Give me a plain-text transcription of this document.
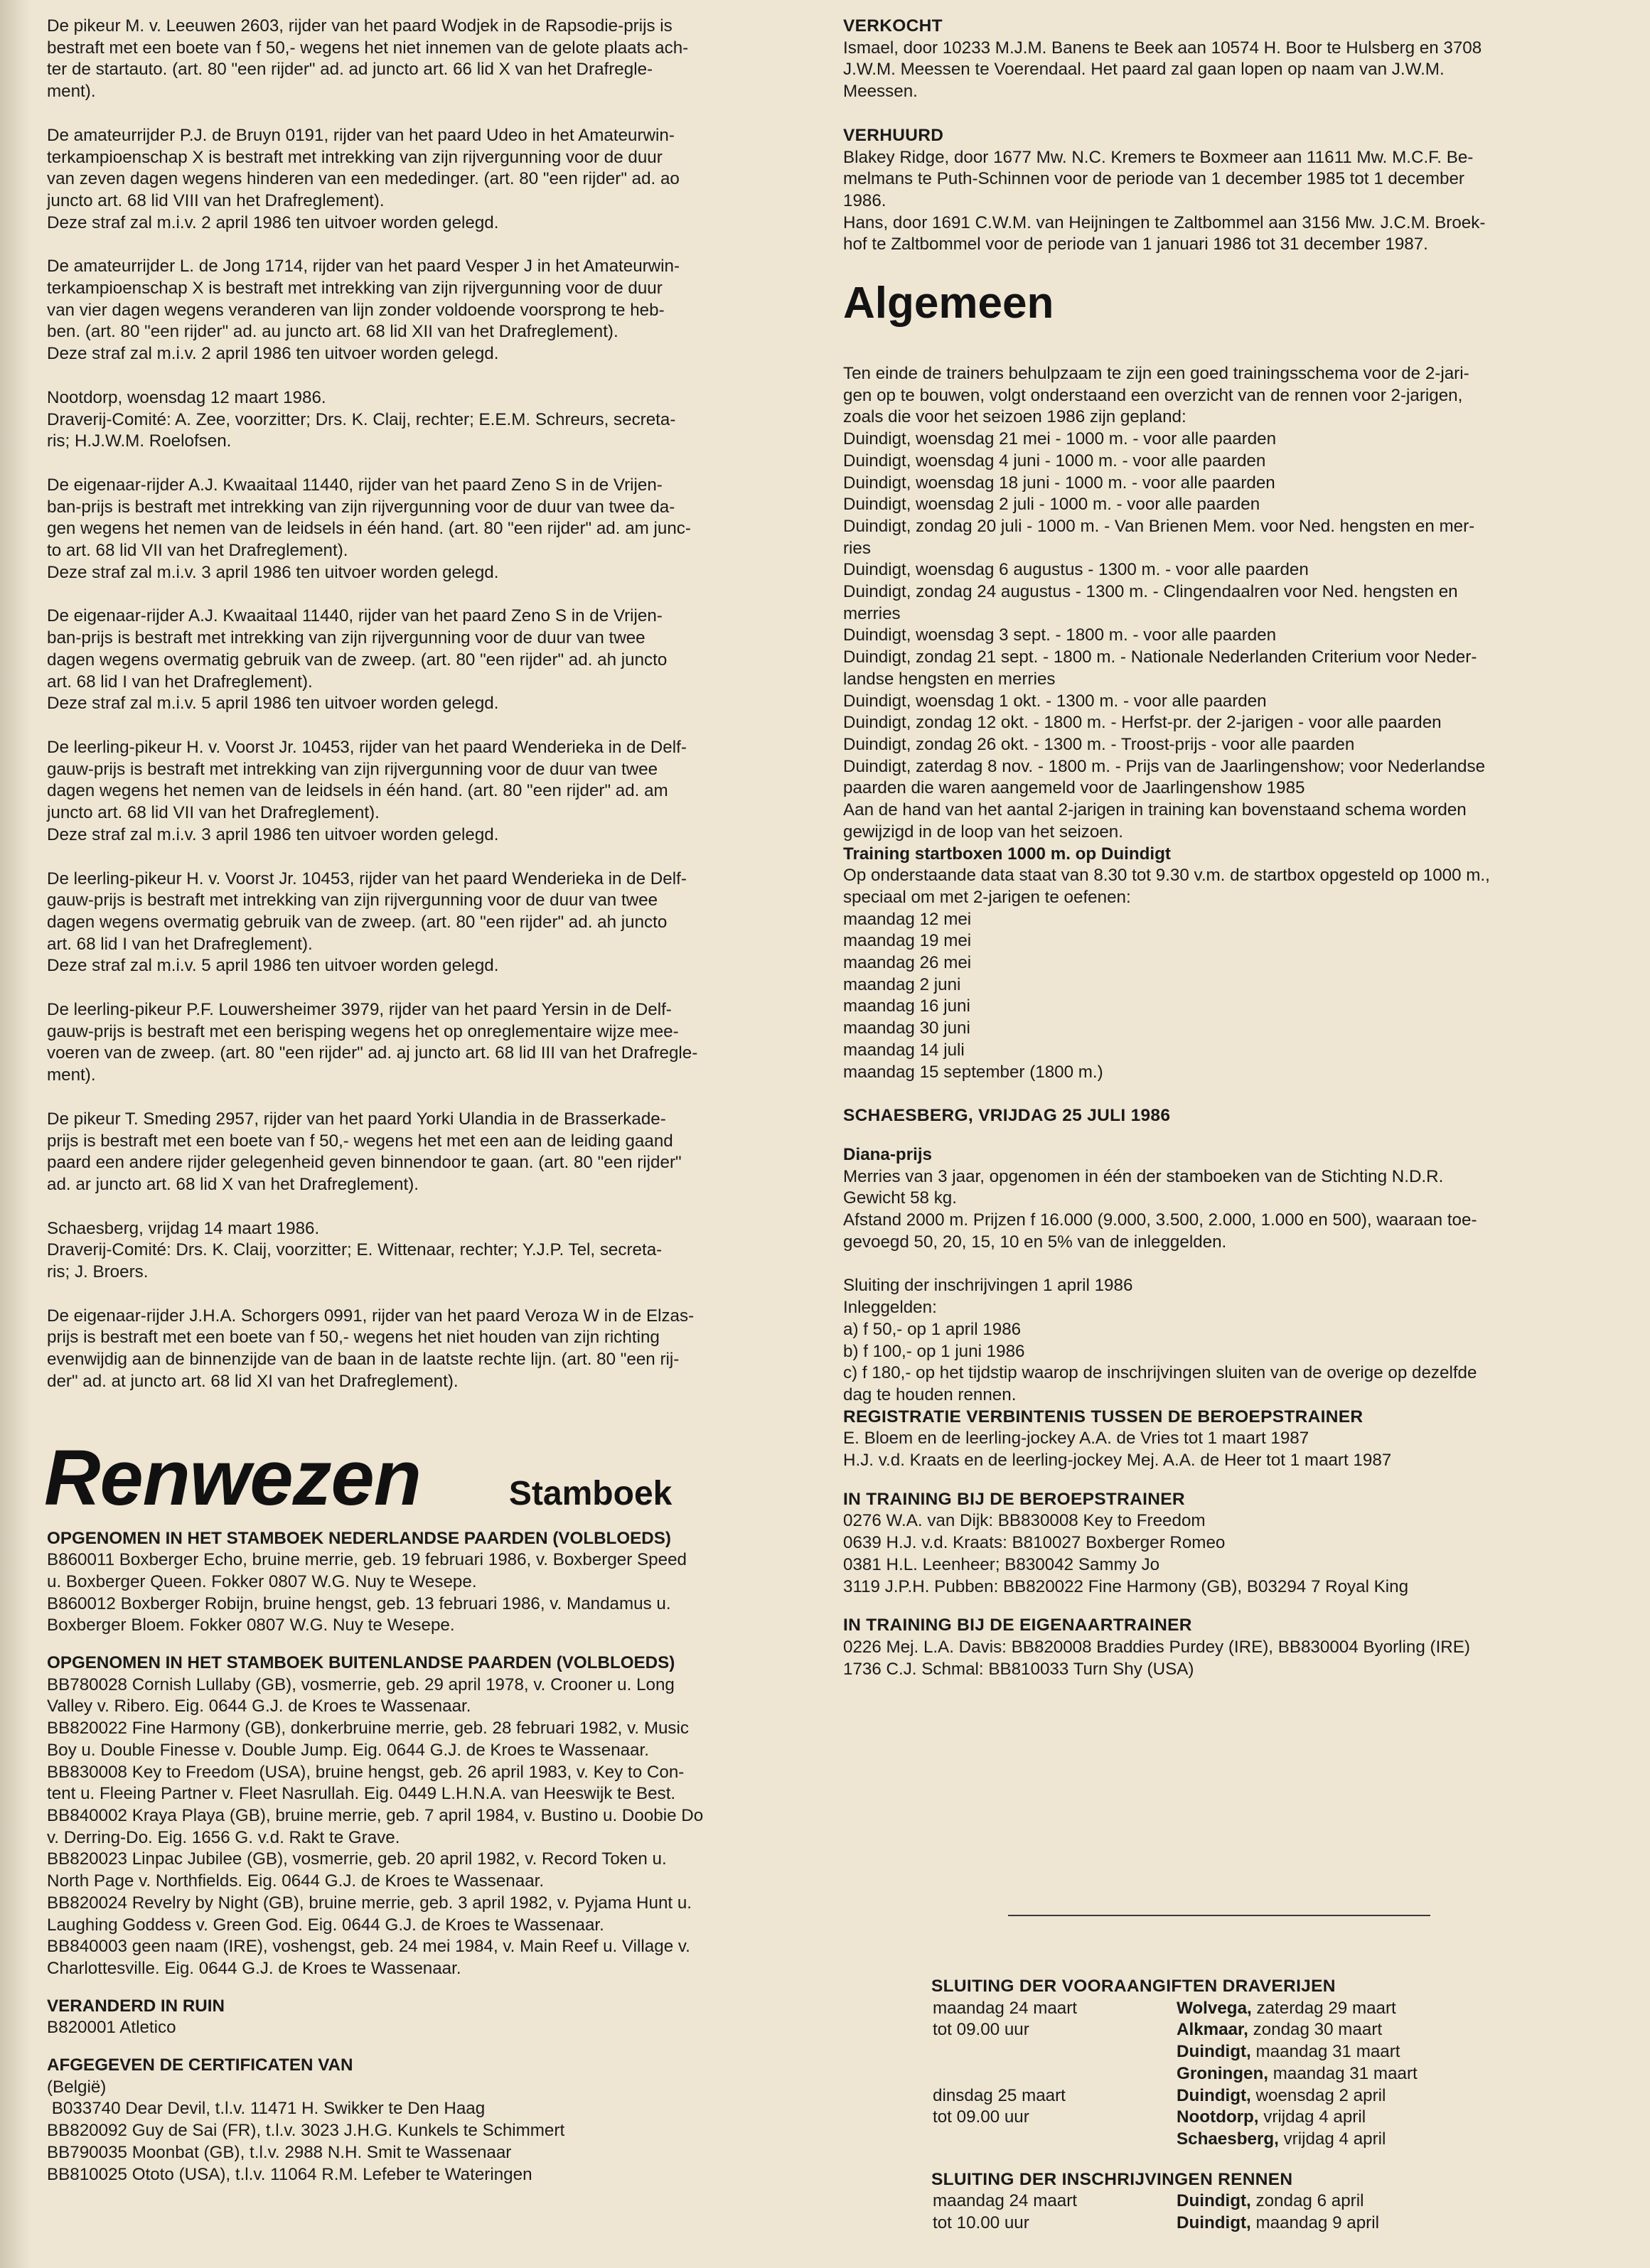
De pikeur M. v. Leeuwen 2603, rijder van het paard Wodjek in de Rapsodie-prijs is
bestraft met een boete van f 50,- wegens het niet innemen van de gelote plaats ach-
ter de startauto. (art. 80 "een rijder" ad. ad juncto art. 66 lid X van het Drafregle-
ment).

De amateurrijder P.J. de Bruyn 0191, rijder van het paard Udeo in het Amateurwin-
terkampioenschap X is bestraft met intrekking van zijn rijvergunning voor de duur
van zeven dagen wegens hinderen van een mededinger. (art. 80 "een rijder" ad. ao
juncto art. 68 lid VIII van het Drafreglement).
Deze straf zal m.i.v. 2 april 1986 ten uitvoer worden gelegd.

De amateurrijder L. de Jong 1714, rijder van het paard Vesper J in het Amateurwin-
terkampioenschap X is bestraft met intrekking van zijn rijvergunning voor de duur
van vier dagen wegens veranderen van lijn zonder voldoende voorsprong te heb-
ben. (art. 80 "een rijder" ad. au juncto art. 68 lid XII van het Drafreglement).
Deze straf zal m.i.v. 2 april 1986 ten uitvoer worden gelegd.

Nootdorp, woensdag 12 maart 1986.
Draverij-Comité: A. Zee, voorzitter; Drs. K. Claij, rechter; E.E.M. Schreurs, secreta-
ris; H.J.W.M. Roelofsen.

De eigenaar-rijder A.J. Kwaaitaal 11440, rijder van het paard Zeno S in de Vrijen-
ban-prijs is bestraft met intrekking van zijn rijvergunning voor de duur van twee da-
gen wegens het nemen van de leidsels in één hand. (art. 80 "een rijder" ad. am junc-
to art. 68 lid VII van het Drafreglement).
Deze straf zal m.i.v. 3 april 1986 ten uitvoer worden gelegd.

De eigenaar-rijder A.J. Kwaaitaal 11440, rijder van het paard Zeno S in de Vrijen-
ban-prijs is bestraft met intrekking van zijn rijvergunning voor de duur van twee
dagen wegens overmatig gebruik van de zweep. (art. 80 "een rijder" ad. ah juncto
art. 68 lid I van het Drafreglement).
Deze straf zal m.i.v. 5 april 1986 ten uitvoer worden gelegd.

De leerling-pikeur H. v. Voorst Jr. 10453, rijder van het paard Wenderieka in de Delf-
gauw-prijs is bestraft met intrekking van zijn rijvergunning voor de duur van twee
dagen wegens het nemen van de leidsels in één hand. (art. 80 "een rijder" ad. am
juncto art. 68 lid VII van het Drafreglement).
Deze straf zal m.i.v. 3 april 1986 ten uitvoer worden gelegd.

De leerling-pikeur H. v. Voorst Jr. 10453, rijder van het paard Wenderieka in de Delf-
gauw-prijs is bestraft met intrekking van zijn rijvergunning voor de duur van twee
dagen wegens overmatig gebruik van de zweep. (art. 80 "een rijder" ad. ah juncto
art. 68 lid I van het Drafreglement).
Deze straf zal m.i.v. 5 april 1986 ten uitvoer worden gelegd.

De leerling-pikeur P.F. Louwersheimer 3979, rijder van het paard Yersin in de Delf-
gauw-prijs is bestraft met een berisping wegens het op onreglementaire wijze mee-
voeren van de zweep. (art. 80 "een rijder" ad. aj juncto art. 68 lid III van het Drafregle-
ment).

De pikeur T. Smeding 2957, rijder van het paard Yorki Ulandia in de Brasserkade-
prijs is bestraft met een boete van f 50,- wegens het met een aan de leiding gaand
paard een andere rijder gelegenheid geven binnendoor te gaan. (art. 80 "een rijder"
ad. ar juncto art. 68 lid X van het Drafreglement).

Schaesberg, vrijdag 14 maart 1986.
Draverij-Comité: Drs. K. Claij, voorzitter; E. Wittenaar, rechter; Y.J.P. Tel, secreta-
ris; J. Broers.

De eigenaar-rijder J.H.A. Schorgers 0991, rijder van het paard Veroza W in de Elzas-
prijs is bestraft met een boete van f 50,- wegens het niet houden van zijn richting
evenwijdig aan de binnenzijde van de baan in de laatste rechte lijn. (art. 80 "een rij-
der" ad. at juncto art. 68 lid XI van het Drafreglement).

Renwezen	Stamboek
OPGENOMEN IN HET STAMBOEK NEDERLANDSE PAARDEN (VOLBLOEDS)
B860011 Boxberger Echo, bruine merrie, geb. 19 februari 1986, v. Boxberger Speed
u. Boxberger Queen. Fokker 0807 W.G. Nuy te Wesepe.
B860012 Boxberger Robijn, bruine hengst, geb. 13 februari 1986, v. Mandamus u.
Boxberger Bloem. Fokker 0807 W.G. Nuy te Wesepe.
OPGENOMEN IN HET STAMBOEK BUITENLANDSE PAARDEN (VOLBLOEDS)
BB780028 Cornish Lullaby (GB), vosmerrie, geb. 29 april 1978, v. Crooner u. Long
Valley v. Ribero. Eig. 0644 G.J. de Kroes te Wassenaar.
BB820022 Fine Harmony (GB), donkerbruine merrie, geb. 28 februari 1982, v. Music
Boy u. Double Finesse v. Double Jump. Eig. 0644 G.J. de Kroes te Wassenaar.
BB830008 Key to Freedom (USA), bruine hengst, geb. 26 april 1983, v. Key to Con-
tent u. Fleeing Partner v. Fleet Nasrullah. Eig. 0449 L.H.N.A. van Heeswijk te Best.
BB840002 Kraya Playa (GB), bruine merrie, geb. 7 april 1984, v. Bustino u. Doobie Do
v. Derring-Do. Eig. 1656 G. v.d. Rakt te Grave.
BB820023 Linpac Jubilee (GB), vosmerrie, geb. 20 april 1982, v. Record Token u.
North Page v. Northfields. Eig. 0644 G.J. de Kroes te Wassenaar.
BB820024 Revelry by Night (GB), bruine merrie, geb. 3 april 1982, v. Pyjama Hunt u.
Laughing Goddess v. Green God. Eig. 0644 G.J. de Kroes te Wassenaar.
BB840003 geen naam (IRE), voshengst, geb. 24 mei 1984, v. Main Reef u. Village v.
Charlottesville. Eig. 0644 G.J. de Kroes te Wassenaar.
VERANDERD IN RUIN
B820001 Atletico
AFGEGEVEN DE CERTIFICATEN VAN
(België)
B033740 Dear Devil, t.l.v. 11471 H. Swikker te Den Haag
BB820092 Guy de Sai (FR), t.l.v. 3023 J.H.G. Kunkels te Schimmert
BB790035 Moonbat (GB), t.l.v. 2988 N.H. Smit te Wassenaar
BB810025 Ototo (USA), t.l.v. 11064 R.M. Lefeber te Wateringen
VERKOCHT

Ismael, door 10233 M.J.M. Banens te Beek aan 10574 H. Boor te Hulsberg en 3708
J.W.M. Meessen te Voerendaal. Het paard zal gaan lopen op naam van J.W.M.
Meessen.

VERHUURD

Blakey Ridge, door 1677 Mw. N.C. Kremers te Boxmeer aan 11611 Mw. M.C.F. Be-
melmans te Puth-Schinnen voor de periode van 1 december 1985 tot 1 december
1986.
Hans, door 1691 C.W.M. van Heijningen te Zaltbommel aan 3156 Mw. J.C.M. Broek-
hof te Zaltbommel voor de periode van 1 januari 1986 tot 31 december 1987.

Algemeen
Ten einde de trainers behulpzaam te zijn een goed trainingsschema voor de 2-jari-
gen op te bouwen, volgt onderstaand een overzicht van de rennen voor 2-jarigen,
zoals die voor het seizoen 1986 zijn gepland:
Duindigt, woensdag 21 mei - 1000 m. - voor alle paarden
Duindigt, woensdag 4 juni - 1000 m. - voor alle paarden
Duindigt, woensdag 18 juni - 1000 m. - voor alle paarden
Duindigt, woensdag 2 juli - 1000 m. - voor alle paarden
Duindigt, zondag 20 juli - 1000 m. - Van Brienen Mem. voor Ned. hengsten en mer-
ries
Duindigt, woensdag 6 augustus - 1300 m. - voor alle paarden
Duindigt, zondag 24 augustus - 1300 m. - Clingendaalren voor Ned. hengsten en
merries
Duindigt, woensdag 3 sept. - 1800 m. - voor alle paarden
Duindigt, zondag 21 sept. - 1800 m. - Nationale Nederlanden Criterium voor Neder-
landse hengsten en merries
Duindigt, woensdag 1 okt. - 1300 m. - voor alle paarden
Duindigt, zondag 12 okt. - 1800 m. - Herfst-pr. der 2-jarigen - voor alle paarden
Duindigt, zondag 26 okt. - 1300 m. - Troost-prijs - voor alle paarden
Duindigt, zaterdag 8 nov. - 1800 m. - Prijs van de Jaarlingenshow; voor Nederlandse
paarden die waren aangemeld voor de Jaarlingenshow 1985
Aan de hand van het aantal 2-jarigen in training kan bovenstaand schema worden
gewijzigd in de loop van het seizoen.
Training startboxen 1000 m. op Duindigt
Op onderstaande data staat van 8.30 tot 9.30 v.m. de startbox opgesteld op 1000 m.,
speciaal om met 2-jarigen te oefenen:
maandag 12 mei
maandag 19 mei
maandag 26 mei
maandag 2 juni
maandag 16 juni
maandag 30 juni
maandag 14 juli
maandag 15 september (1800 m.)
SCHAESBERG, VRIJDAG 25 JULI 1986
Diana-prijs
Merries van 3 jaar, opgenomen in één der stamboeken van de Stichting N.D.R.
Gewicht 58 kg.
Afstand 2000 m. Prijzen f 16.000 (9.000, 3.500, 2.000, 1.000 en 500), waaraan toe-
gevoegd 50, 20, 15, 10 en 5% van de inleggelden.
Sluiting der inschrijvingen 1 april 1986
Inleggelden:
a) f 50,- op 1 april 1986
b) f 100,- op 1 juni 1986
c) f 180,- op het tijdstip waarop de inschrijvingen sluiten van de overige op dezelfde
dag te houden rennen.
REGISTRATIE VERBINTENIS TUSSEN DE BEROEPSTRAINER
E. Bloem en de leerling-jockey A.A. de Vries tot 1 maart 1987
H.J. v.d. Kraats en de leerling-jockey Mej. A.A. de Heer tot 1 maart 1987
IN TRAINING BIJ DE BEROEPSTRAINER
0276 W.A. van Dijk: BB830008 Key to Freedom
0639 H.J. v.d. Kraats: B810027 Boxberger Romeo
0381 H.L. Leenheer; B830042 Sammy Jo
3119 J.P.H. Pubben: BB820022 Fine Harmony (GB), B03294 7 Royal King
IN TRAINING BIJ DE EIGENAARTRAINER
0226 Mej. L.A. Davis: BB820008 Braddies Purdey (IRE), BB830004 Byorling (IRE)
1736 C.J. Schmal: BB810033 Turn Shy (USA)
SLUITING DER VOORAANGIFTEN DRAVERIJEN
maandag 24 maart	Wolvega, zaterdag 29 maart
tot 09.00 uur	Alkmaar, zondag 30 maart
Duindigt, maandag 31 maart
Groningen, maandag 31 maart
dinsdag 25 maart	Duindigt, woensdag 2 april
tot 09.00 uur	Nootdorp, vrijdag 4 april
Schaesberg, vrijdag 4 april
SLUITING DER INSCHRIJVINGEN RENNEN
maandag 24 maart	Duindigt, zondag 6 april
tot 10.00 uur	Duindigt, maandag 9 april
